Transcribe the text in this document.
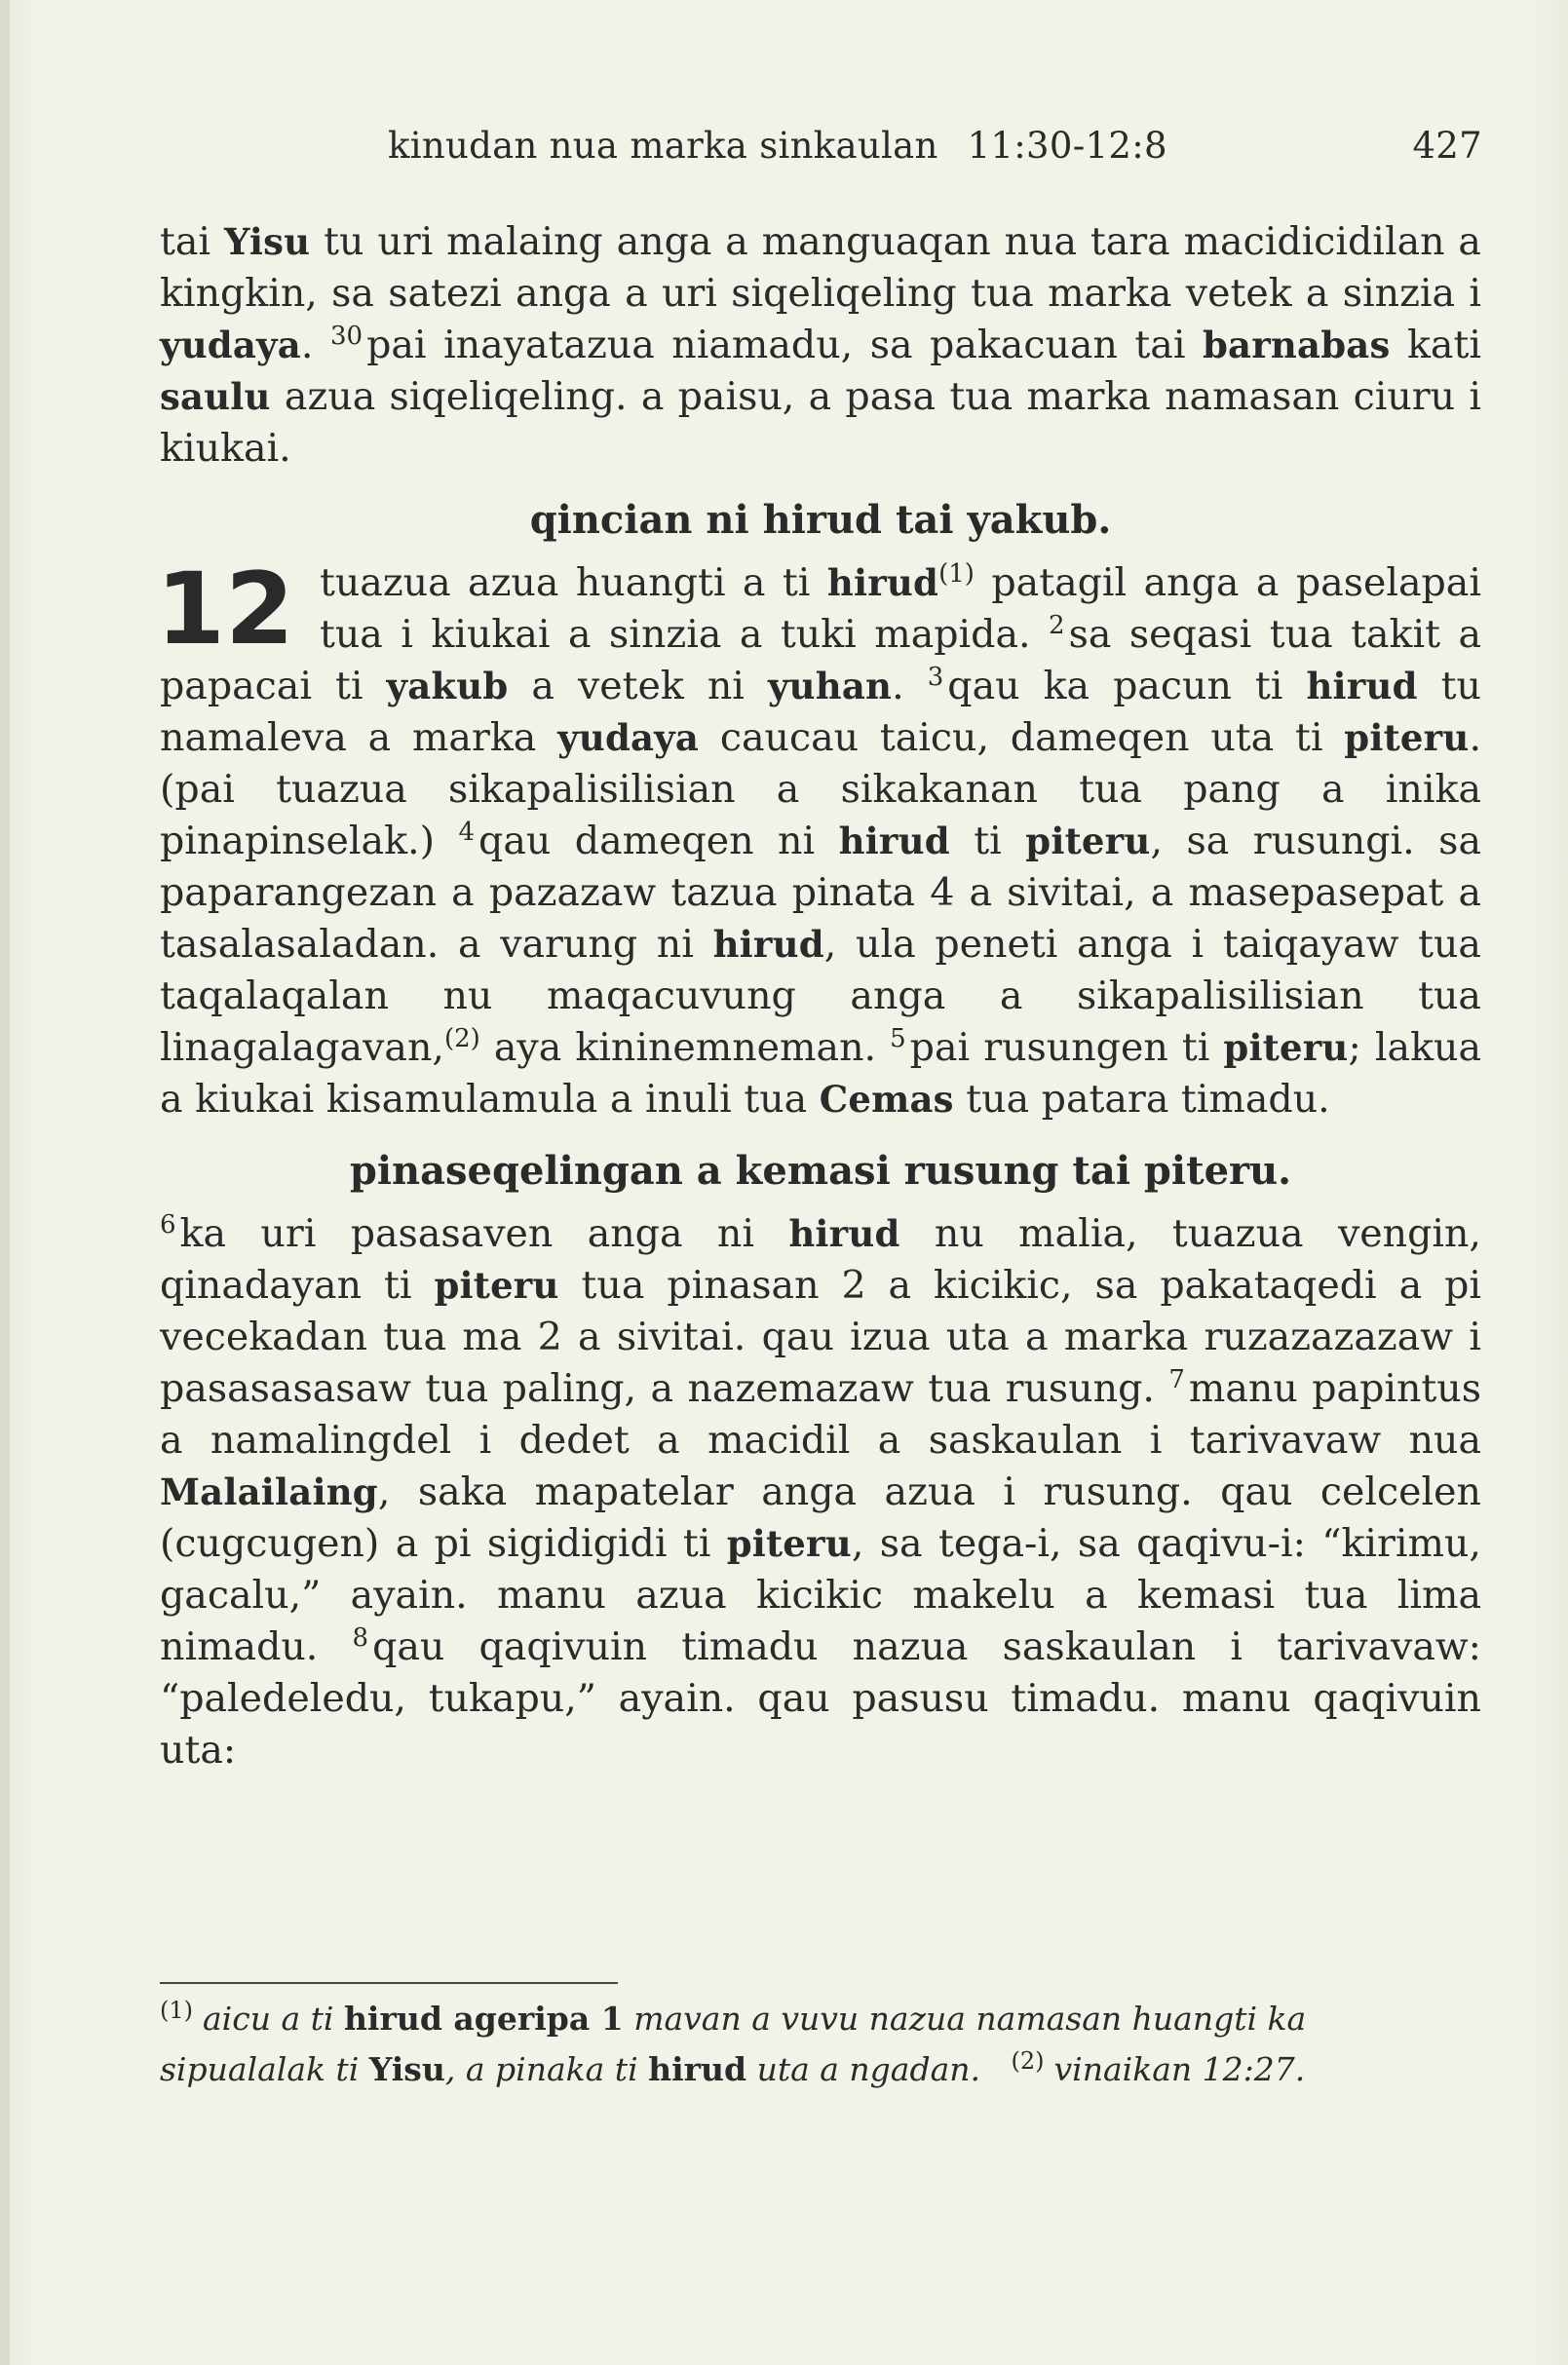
kinudan nua marka sinkaulan 11:30-12:8	427

tai Yisu tu uri malaing anga a manguaqan nua tara macidicidilan a kingkin, sa satezi anga a uri siqeliqeling tua marka vetek a sinzia i yudaya. $^{30}$ pai inayatazua niamadu, sa pakacuan tai barnabas kati saulu azua siqeliqeling. a paisu, a pasa tua marka namasan ciuru i kiukai.

qincian ni hirud tai yakub.
12 tuazua azua huangti a ti hirud$^{(1)}$ patagil anga a paselapai tua i kiukai a sinzia a tuki mapida. $^2$ sa seqasi tua takit a papacai ti yakub a vetek ni yuhan. $^3$ qau ka pacun ti hirud tu namaleva a marka yudaya caucau taicu, dameqen uta ti piteru. (pai tuazua sikapalisilisian a sikakanan tua pang a inika pinapinselak.) $^4$ qau dameqen ni hirud ti piteru, sa rusungi. sa paparangezan a pazazaw tazua pinata 4 a sivitai, a masepasepat a tasalasaladan. a varung ni hirud, ula peneti anga i taiqayaw tua taqalaqalan nu maqacuvung anga a sikapalisilisian tua linagalagavan,$^{(2)}$ aya kininemneman. $^5$ pai rusungen ti piteru; lakua a kiukai kisamulamula a inuli tua Cemas tua patara timadu.

pinaseqelingan a kemasi rusung tai piteru.

$^6$ ka uri pasasaven anga ni hirud nu malia, tuazua vengin, qinadayan ti piteru tua pinasan 2 a kicikic, sa pakataqedi a pi vecekadan tua ma 2 a sivitai. qau izua uta a marka ruzazazazaw i pasasasasaw tua paling, a nazemazaw tua rusung. $^7$ manu papintus a namalingdel i dedet a macidil a saskaulan i tarivavaw nua Malailaing, saka mapatelar anga azua i rusung. qau celcelen (cugcugen) a pi sigidigidi ti piteru, sa tega-i, sa qaqivu-i: “kirimu, gacalu,” ayain. manu azua kicikic makelu a kemasi tua lima nimadu. $^8$ qau qaqivuin timadu nazua saskaulan i tarivavaw: “paledeledu, tukapu,” ayain. qau pasusu timadu. manu qaqivuin uta:

$^{(1)}$ aicu a ti hirud ageripa 1 mavan a vuvu nazua namasan huangti ka sipualalak ti Yisu, a pinaka ti hirud uta a ngadan. $^{(2)}$ vinaikan 12:27.
